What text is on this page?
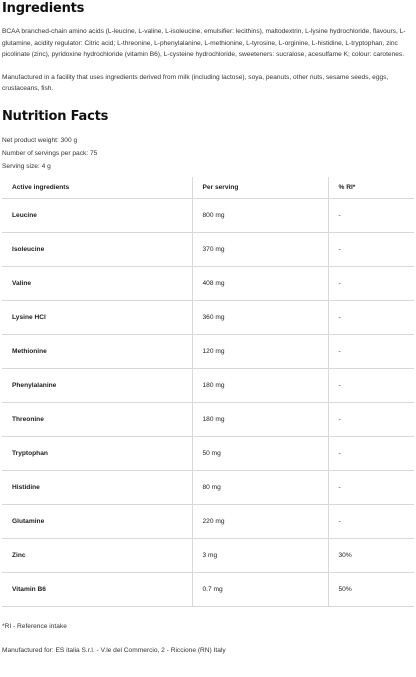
Ingredients

BCAA branched-chain amino acids (L-leucine, L-valine, L-isoleucine, emulsifier: lecithins), maltodextrin, L-lysine hydrochloride, flavours, L-glutamine, acidity regulator: Citric acid; L-threonine, L-phenylalanine, L-methionine, L-tyrosine, L-orginine, L-histidine, L-tryptophan, zinc picolinate (zinc), pyridoxine hydrochloride (vitamin B6), L-cysteine hydrochloride, sweeteners: sucralose, acesulfame K; colour: carotenes.

Manufactured in a facility that uses ingredients derived from milk (including lactose), soya, peanuts, other nuts, sesame seeds, eggs, crustaceans, fish.

Nutrition Facts
Net product weight: 300 g
Number of servings per pack: 75
Serving size: 4 g
Active ingredients	Per serving	% RI*
Leucine	800 mg	-
Isoleucine	370 mg	-
Valine	408 mg	-
Lysine HCl	360 mg	-
Methionine	120 mg	-
Phenylalanine	180 mg	-
Threonine	180 mg	-
Tryptophan	50 mg	-
Histidine	80 mg	-
Glutamine	220 mg	-
Zinc	3 mg	30%
Vitamin B6	0.7 mg	50%
*RI - Reference intake
Manufactured for: ES italia S.r.l. - V.le del Commercio, 2 - Riccione (RN) Italy
